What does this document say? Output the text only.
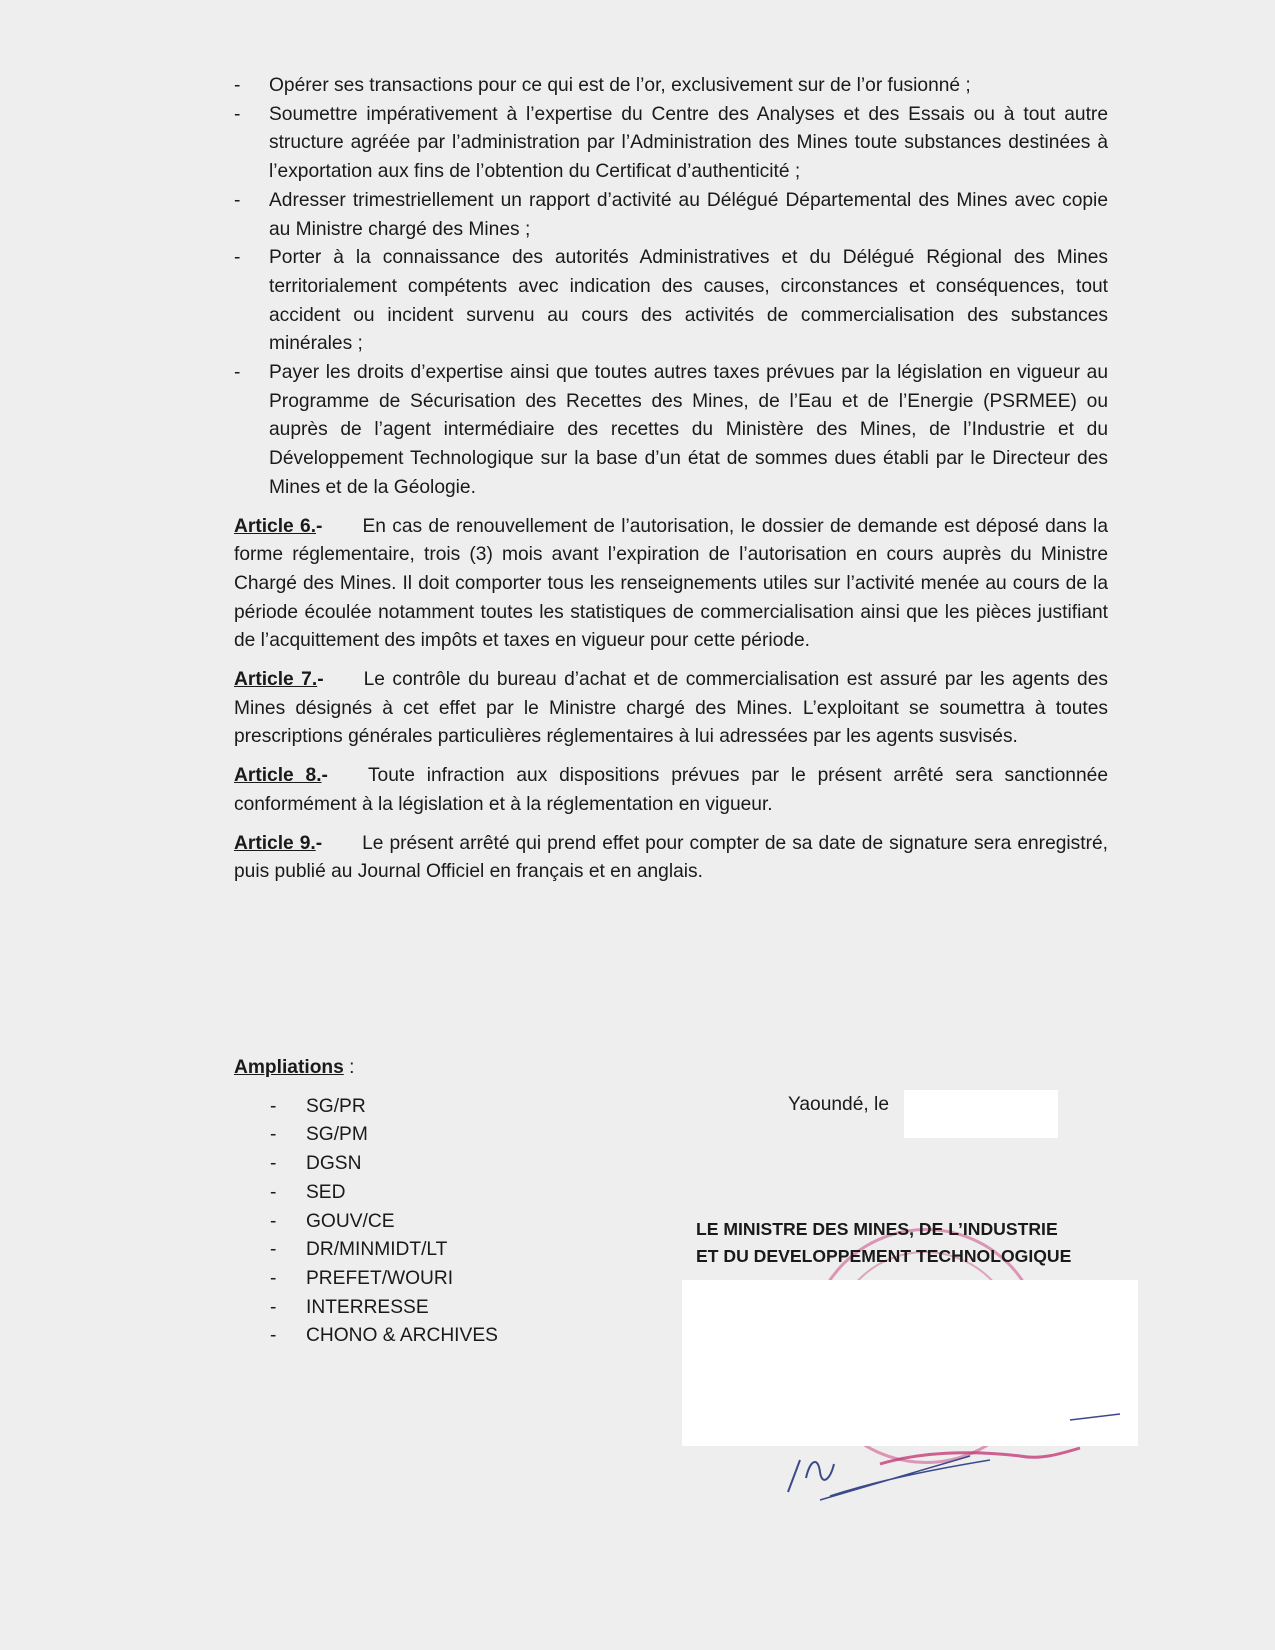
- Opérer ses transactions pour ce qui est de l’or, exclusivement sur de l’or fusionné ;
- Soumettre impérativement à l’expertise du Centre des Analyses et des Essais ou à tout autre structure agréée par l’administration par l’Administration des Mines toute substances destinées à l’exportation aux fins de l’obtention du Certificat d’authenticité ;
- Adresser trimestriellement un rapport d’activité au Délégué Départemental des Mines avec copie au Ministre chargé des Mines ;
- Porter à la connaissance des autorités Administratives et du Délégué Régional des Mines territorialement compétents avec indication des causes, circonstances et conséquences, tout accident ou incident survenu au cours des activités de commercialisation des substances minérales ;
- Payer les droits d’expertise ainsi que toutes autres taxes prévues par la législation en vigueur au Programme de Sécurisation des Recettes des Mines, de l’Eau et de l’Energie (PSRMEE) ou auprès de l’agent intermédiaire des recettes du Ministère des Mines, de l’Industrie et du Développement Technologique sur la base d’un état de sommes dues établi par le Directeur des Mines et de la Géologie.

Article 6.- En cas de renouvellement de l’autorisation, le dossier de demande est déposé dans la forme réglementaire, trois (3) mois avant l’expiration de l’autorisation en cours auprès du Ministre Chargé des Mines. Il doit comporter tous les renseignements utiles sur l’activité menée au cours de la période écoulée notamment toutes les statistiques de commercialisation ainsi que les pièces justifiant de l’acquittement des impôts et taxes en vigueur pour cette période.

Article 7.- Le contrôle du bureau d’achat et de commercialisation est assuré par les agents des Mines désignés à cet effet par le Ministre chargé des Mines. L’exploitant se soumettra à toutes prescriptions générales particulières réglementaires à lui adressées par les agents susvisés.

Article 8.- Toute infraction aux dispositions prévues par le présent arrêté sera sanctionnée conformément à la législation et à la réglementation en vigueur.

Article 9.- Le présent arrêté qui prend effet pour compter de sa date de signature sera enregistré, puis publié au Journal Officiel en français et en anglais.

Ampliations :
- SG/PR
- SG/PM
- DGSN
- SED
- GOUV/CE
- DR/MINMIDT/LT
- PREFET/WOURI
- INTERRESSE
- CHONO & ARCHIVES
Yaoundé, le
LE MINISTRE DES MINES, DE L’INDUSTRIE
ET DU DEVELOPPEMENT TECHNOLOGIQUE
